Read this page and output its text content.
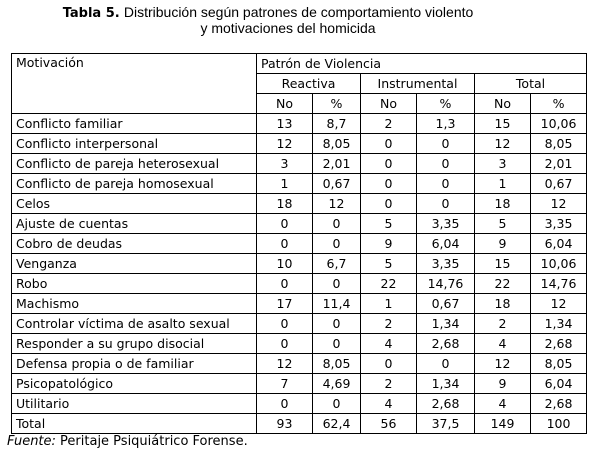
Tabla 5. Distribución según patrones de comportamiento violento
y motivaciones del homicida
Motivación	Patrón de Violencia					
	Reactiva		Instrumental		Total	
	No	%	No	%	No	%
Conflicto familiar	13	8,7	2	1,3	15	10,06
Conflicto interpersonal	12	8,05	0	0	12	8,05
Conflicto de pareja heterosexual	3	2,01	0	0	3	2,01
Conflicto de pareja homosexual	1	0,67	0	0	1	0,67
Celos	18	12	0	0	18	12
Ajuste de cuentas	0	0	5	3,35	5	3,35
Cobro de deudas	0	0	9	6,04	9	6,04
Venganza	10	6,7	5	3,35	15	10,06
Robo	0	0	22	14,76	22	14,76
Machismo	17	11,4	1	0,67	18	12
Controlar víctima de asalto sexual	0	0	2	1,34	2	1,34
Responder a su grupo disocial	0	0	4	2,68	4	2,68
Defensa propia o de familiar	12	8,05	0	0	12	8,05
Psicopatológico	7	4,69	2	1,34	9	6,04
Utilitario	0	0	4	2,68	4	2,68
Total	93	62,4	56	37,5	149	100
Fuente: Peritaje Psiquiátrico Forense.
